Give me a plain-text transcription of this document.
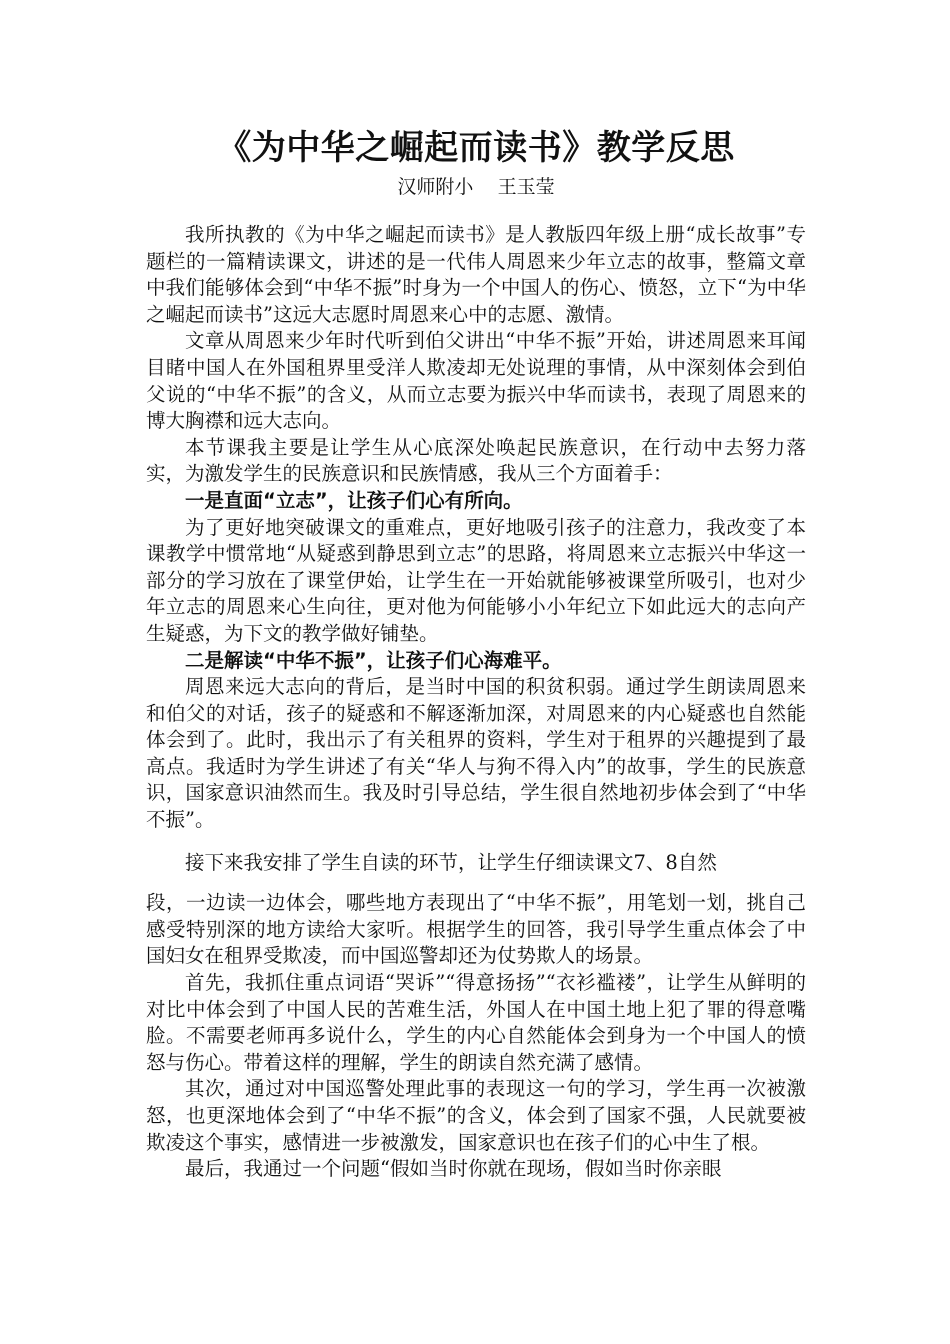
《为中华之崛起而读书》教学反思
汉师附小    王玉莹

我所执教的《为中华之崛起而读书》是人教版四年级上册“成长故事”专题栏的一篇精读课文，讲述的是一代伟人周恩来少年立志的故事，整篇文章中我们能够体会到“中华不振”时身为一个中国人的伤心、愤怒，立下“为中华之崛起而读书”这远大志愿时周恩来心中的志愿、激情。

文章从周恩来少年时代听到伯父讲出“中华不振”开始，讲述周恩来耳闻目睹中国人在外国租界里受洋人欺凌却无处说理的事情，从中深刻体会到伯父说的“中华不振”的含义，从而立志要为振兴中华而读书，表现了周恩来的博大胸襟和远大志向。

本节课我主要是让学生从心底深处唤起民族意识，在行动中去努力落实，为激发学生的民族意识和民族情感，我从三个方面着手：

一是直面“立志”，让孩子们心有所向。

为了更好地突破课文的重难点，更好地吸引孩子的注意力，我改变了本课教学中惯常地“从疑惑到静思到立志”的思路，将周恩来立志振兴中华这一部分的学习放在了课堂伊始，让学生在一开始就能够被课堂所吸引，也对少年立志的周恩来心生向往，更对他为何能够小小年纪立下如此远大的志向产生疑惑，为下文的教学做好铺垫。

二是解读“中华不振”，让孩子们心海难平。

周恩来远大志向的背后，是当时中国的积贫积弱。通过学生朗读周恩来和伯父的对话，孩子的疑惑和不解逐渐加深，对周恩来的内心疑惑也自然能体会到了。此时，我出示了有关租界的资料，学生对于租界的兴趣提到了最高点。我适时为学生讲述了有关“华人与狗不得入内”的故事，学生的民族意识，国家意识油然而生。我及时引导总结，学生很自然地初步体会到了“中华不振”。

接下来我安排了学生自读的环节，让学生仔细读课文7、8自然

段，一边读一边体会，哪些地方表现出了“中华不振”，用笔划一划，挑自己感受特别深的地方读给大家听。根据学生的回答，我引导学生重点体会了中国妇女在租界受欺凌，而中国巡警却还为仗势欺人的场景。

首先，我抓住重点词语“哭诉”“得意扬扬”“衣衫褴褛”，让学生从鲜明的对比中体会到了中国人民的苦难生活，外国人在中国土地上犯了罪的得意嘴脸。不需要老师再多说什么，学生的内心自然能体会到身为一个中国人的愤怒与伤心。带着这样的理解，学生的朗读自然充满了感情。

其次，通过对中国巡警处理此事的表现这一句的学习，学生再一次被激怒，也更深地体会到了“中华不振”的含义，体会到了国家不强，人民就要被欺凌这个事实，感情进一步被激发，国家意识也在孩子们的心中生了根。

最后，我通过一个问题“假如当时你就在现场，假如当时你亲眼
